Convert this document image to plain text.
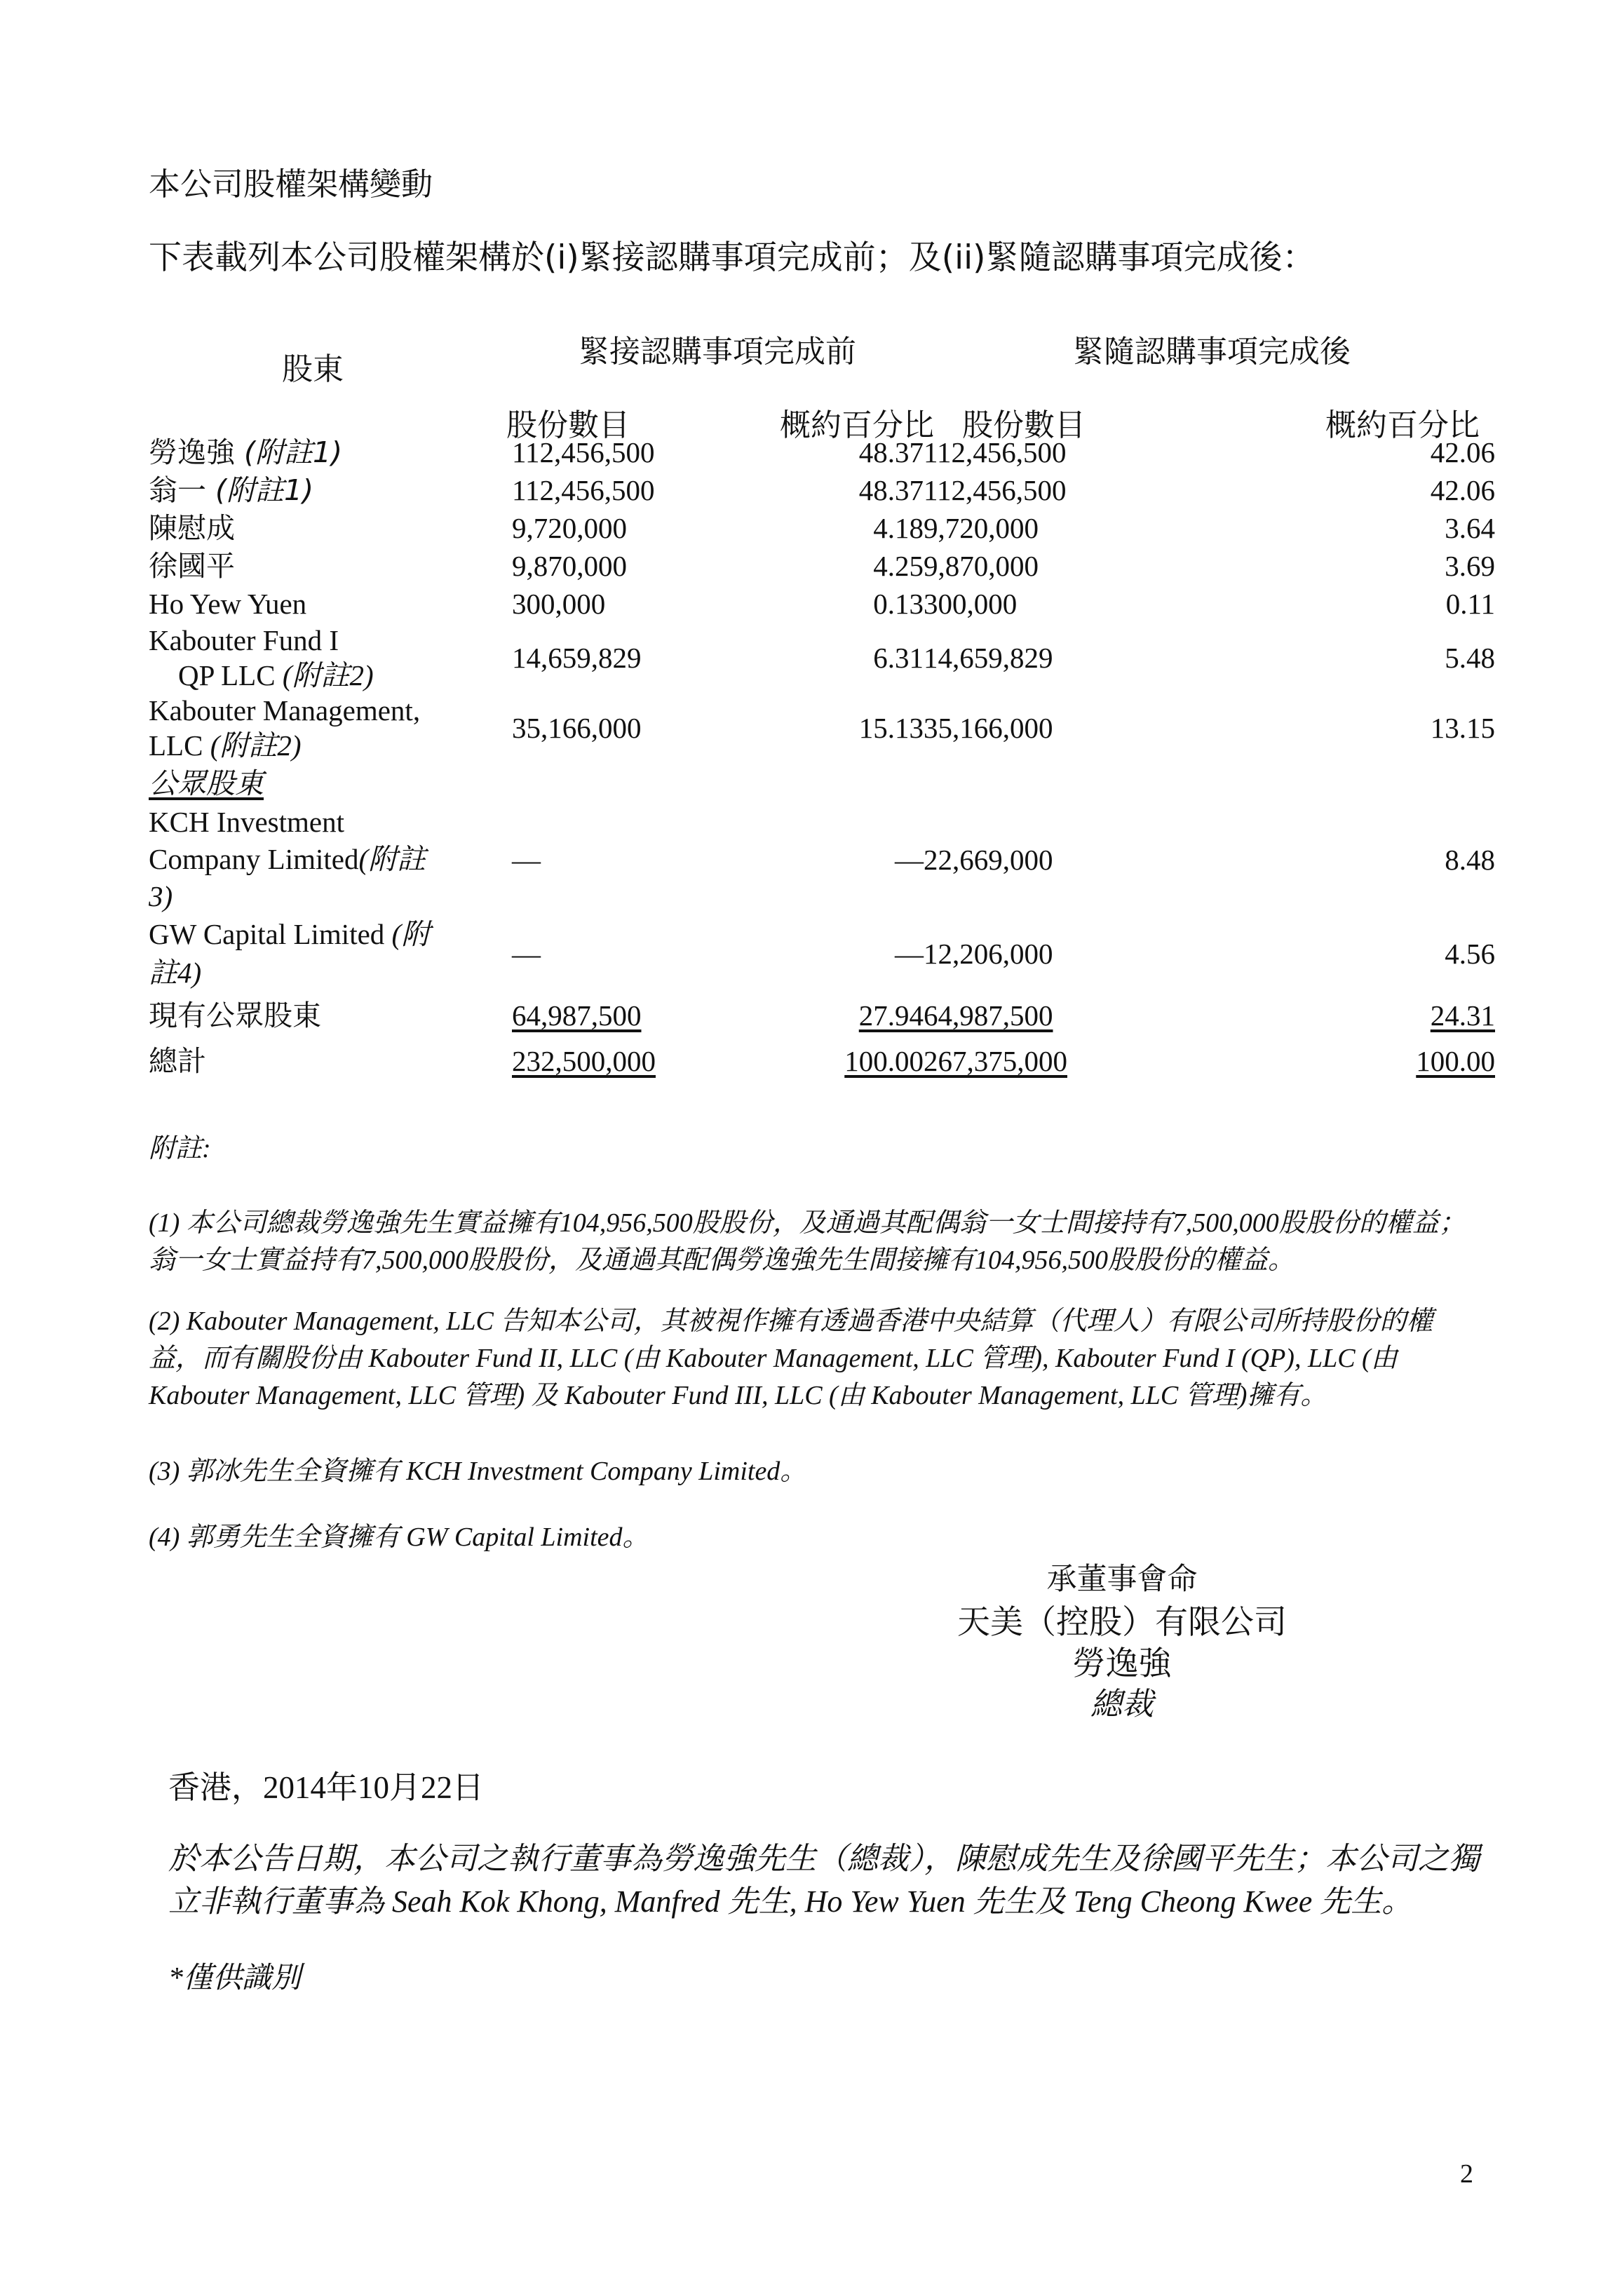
本公司股權架構變動
下表載列本公司股權架構於(i)緊接認購事項完成前；及(ii)緊隨認購事項完成後：
股東	緊接認購事項完成前	緊隨認購事項完成後
股份數目	概約百分比 股份數目	概約百分比
勞逸強 (附註1)	112,456,500	48.37	112,456,500	42.06
翁一 (附註1)	112,456,500	48.37	112,456,500	42.06
陳慰成	9,720,000	4.18	9,720,000	3.64
徐國平	9,870,000	4.25	9,870,000	3.69
Ho Yew Yuen	300,000	0.13	300,000	0.11

Kabouter Fund I
QP LLC (附註2)	14,659,829	6.31	14,659,829	5.48

Kabouter Management,
LLC (附註2)	35,166,000	15.13	35,166,000	13.15
公眾股東				

KCH Investment
Company Limited(附註
3)	—	—	22,669,000	8.48

GW Capital Limited (附
註4)	—	—	12,206,000	4.56
現有公眾股東	64,987,500	27.94	64,987,500	24.31
總計	232,500,000	100.00	267,375,000	100.00
附註:
(1) 本公司總裁勞逸強先生實益擁有104,956,500股股份，及通過其配偶翁一女士間接持有7,500,000股股份的權益；翁一女士實益持有7,500,000股股份，及通過其配偶勞逸強先生間接擁有104,956,500股股份的權益。
(2) Kabouter Management, LLC 告知本公司，其被視作擁有透過香港中央結算（代理人）有限公司所持股份的權益，而有關股份由 Kabouter Fund II, LLC (由 Kabouter Management, LLC 管理), Kabouter Fund I (QP), LLC (由 Kabouter Management, LLC 管理) 及 Kabouter Fund III, LLC (由 Kabouter Management, LLC 管理)擁有。
(3) 郭冰先生全資擁有 KCH Investment Company Limited。
(4) 郭勇先生全資擁有 GW Capital Limited。
承董事會命
天美（控股）有限公司
勞逸強
總裁
香港，2014年10月22日
於本公告日期，本公司之執行董事為勞逸強先生（總裁），陳慰成先生及徐國平先生；本公司之獨立非執行董事為 Seah Kok Khong, Manfred 先生, Ho Yew Yuen 先生及 Teng Cheong Kwee 先生。
*僅供識別
2
